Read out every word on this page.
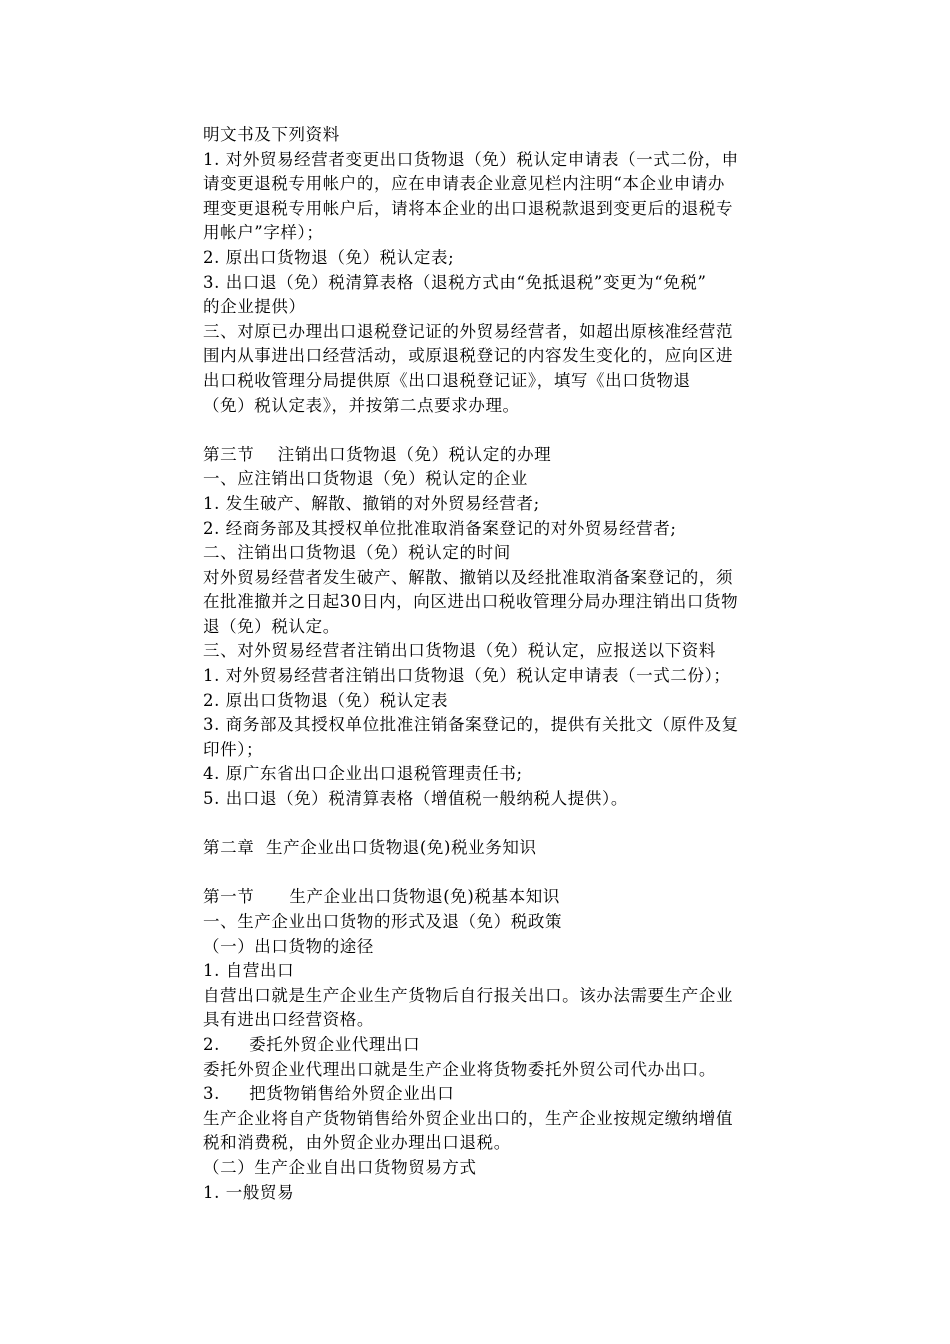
明文书及下列资料
1. 对外贸易经营者变更出口货物退（免）税认定申请表（一式二份，申
请变更退税专用帐户的，应在申请表企业意见栏内注明“本企业申请办
理变更退税专用帐户后，请将本企业的出口退税款退到变更后的退税专
用帐户”字样）；
2. 原出口货物退（免）税认定表;
3. 出口退（免）税清算表格（退税方式由“免抵退税”变更为“免税”
的企业提供）
三、对原已办理出口退税登记证的外贸易经营者，如超出原核准经营范
围内从事进出口经营活动，或原退税登记的内容发生变化的，应向区进
出口税收管理分局提供原《出口退税登记证》，填写《出口货物退
（免）税认定表》，并按第二点要求办理。
第三节    注销出口货物退（免）税认定的办理
一、应注销出口货物退（免）税认定的企业
1. 发生破产、解散、撤销的对外贸易经营者;
2. 经商务部及其授权单位批准取消备案登记的对外贸易经营者;
二、注销出口货物退（免）税认定的时间
对外贸易经营者发生破产、解散、撤销以及经批准取消备案登记的，须
在批准撤并之日起30日内，向区进出口税收管理分局办理注销出口货物
退（免）税认定。
三、对外贸易经营者注销出口货物退（免）税认定，应报送以下资料
1. 对外贸易经营者注销出口货物退（免）税认定申请表（一式二份）；
2. 原出口货物退（免）税认定表
3. 商务部及其授权单位批准注销备案登记的，提供有关批文（原件及复
印件）；
4. 原广东省出口企业出口退税管理责任书;
5. 出口退（免）税清算表格（增值税一般纳税人提供）。
第二章  生产企业出口货物退(免)税业务知识
第一节      生产企业出口货物退(免)税基本知识
一、生产企业出口货物的形式及退（免）税政策
（一）出口货物的途径
1. 自营出口
自营出口就是生产企业生产货物后自行报关出口。该办法需要生产企业
具有进出口经营资格。
2.     委托外贸企业代理出口
委托外贸企业代理出口就是生产企业将货物委托外贸公司代办出口。
3.     把货物销售给外贸企业出口
生产企业将自产货物销售给外贸企业出口的，生产企业按规定缴纳增值
税和消费税，由外贸企业办理出口退税。
（二）生产企业自出口货物贸易方式
1. 一般贸易
